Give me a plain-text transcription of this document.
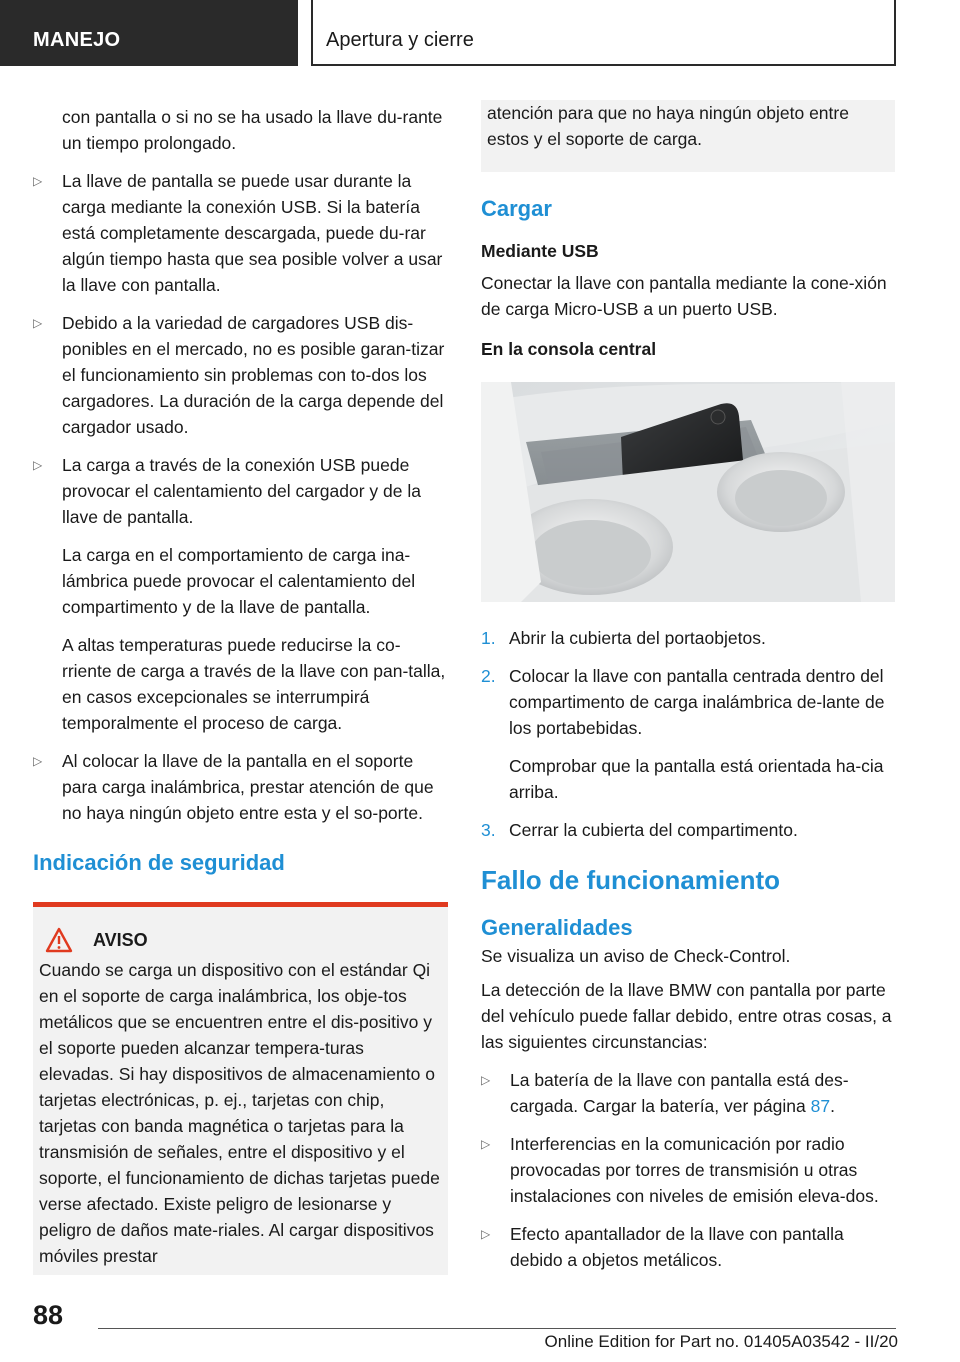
MANEJO	Apertura y cierre

con pantalla o si no se ha usado la llave du-rante un tiempo prolongado.

▷ La llave de pantalla se puede usar durante la carga mediante la conexión USB. Si la batería está completamente descargada, puede du-rar algún tiempo hasta que sea posible volver a usar la llave con pantalla.

▷ Debido a la variedad de cargadores USB dis-ponibles en el mercado, no es posible garan-tizar el funcionamiento sin problemas con to-dos los cargadores. La duración de la carga depende del cargador usado.

▷ La carga a través de la conexión USB puede provocar el calentamiento del cargador y de la llave de pantalla.

La carga en el comportamiento de carga ina-lámbrica puede provocar el calentamiento del compartimento y de la llave de pantalla.

A altas temperaturas puede reducirse la co-rriente de carga a través de la llave con pan-talla, en casos excepcionales se interrumpirá temporalmente el proceso de carga.

▷ Al colocar la llave de la pantalla en el soporte para carga inalámbrica, prestar atención de que no haya ningún objeto entre esta y el so-porte.

Indicación de seguridad
AVISO

Cuando se carga un dispositivo con el estándar Qi en el soporte de carga inalámbrica, los obje-tos metálicos que se encuentren entre el dis-positivo y el soporte pueden alcanzar tempera-turas elevadas. Si hay dispositivos de almacenamiento o tarjetas electrónicas, p. ej., tarjetas con chip, tarjetas con banda magnética o tarjetas para la transmisión de señales, entre el dispositivo y el soporte, el funcionamiento de dichas tarjetas puede verse afectado. Existe peligro de lesionarse y peligro de daños mate-riales. Al cargar dispositivos móviles prestar

atención para que no haya ningún objeto entre estos y el soporte de carga.

Cargar
Mediante USB

Conectar la llave con pantalla mediante la cone-xión de carga Micro-USB a un puerto USB.

En la consola central
1. Abrir la cubierta del portaobjetos.

2. Colocar la llave con pantalla centrada dentro del compartimento de carga inalámbrica de-lante de los portabebidas.

Comprobar que la pantalla está orientada ha-cia arriba.

3. Cerrar la cubierta del compartimento.

Fallo de funcionamiento
Generalidades

Se visualiza un aviso de Check-Control.

La detección de la llave BMW con pantalla por parte del vehículo puede fallar debido, entre otras cosas, a las siguientes circunstancias:

▷ La batería de la llave con pantalla está des-cargada. Cargar la batería, ver página 87.

▷ Interferencias en la comunicación por radio provocadas por torres de transmisión u otras instalaciones con niveles de emisión eleva-dos.

▷ Efecto apantallador de la llave con pantalla debido a objetos metálicos.

88
Online Edition for Part no. 01405A03542 - II/20
